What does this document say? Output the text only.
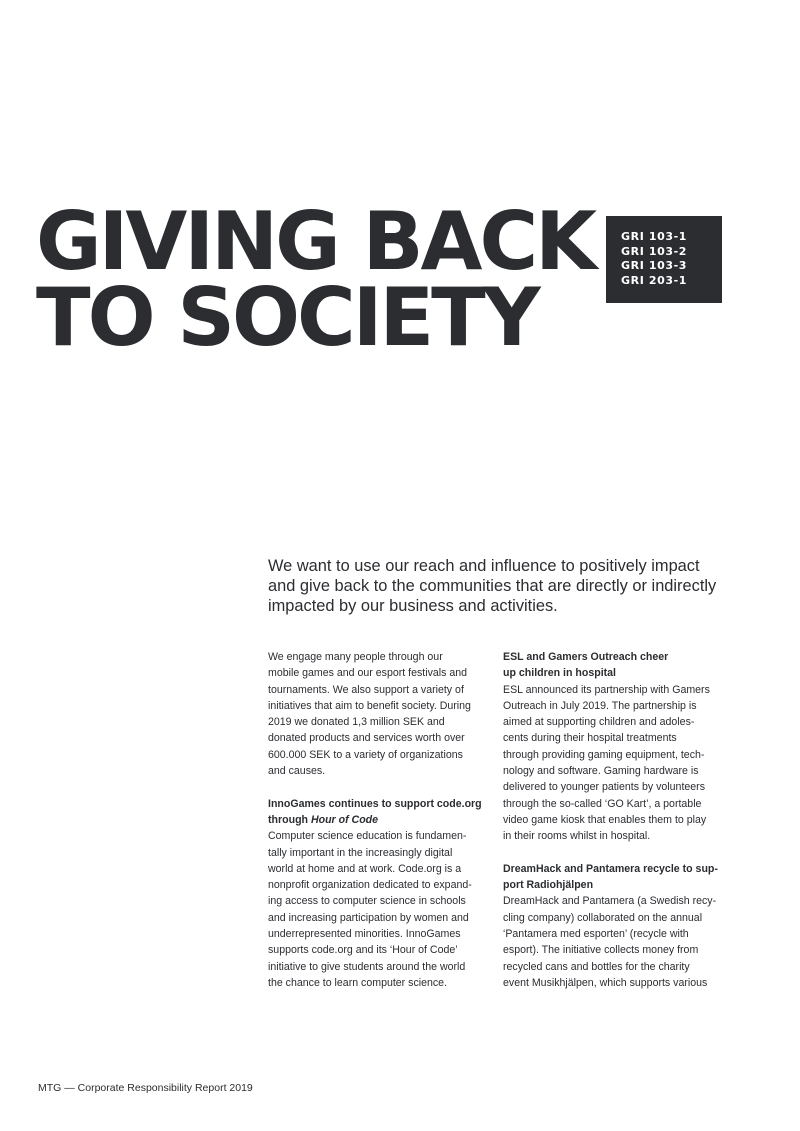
GIVING BACK
TO SOCIETY
GRI 103-1
GRI 103-2
GRI 103-3
GRI 203-1

We want to use our reach and influence to positively impact
and give back to the communities that are directly or indirectly
impacted by our business and activities.

We engage many people through our
mobile games and our esport festivals and
tournaments. We also support a variety of
initiatives that aim to benefit society. During
2019 we donated 1,3 million SEK and
donated products and services worth over
600.000 SEK to a variety of organizations
and causes.

InnoGames continues to support code.org
through Hour of Code

Computer science education is fundamen-
tally important in the increasingly digital
world at home and at work. Code.org is a
nonprofit organization dedicated to expand-
ing access to computer science in schools
and increasing participation by women and
underrepresented minorities. InnoGames
supports code.org and its ‘Hour of Code’
initiative to give students around the world
the chance to learn computer science.

ESL and Gamers Outreach cheer
up children in hospital

ESL announced its partnership with Gamers
Outreach in July 2019. The partnership is
aimed at supporting children and adoles-
cents during their hospital treatments
through providing gaming equipment, tech-
nology and software. Gaming hardware is
delivered to younger patients by volunteers
through the so-called ‘GO Kart’, a portable
video game kiosk that enables them to play
in their rooms whilst in hospital.

DreamHack and Pantamera recycle to sup-
port Radiohjälpen

DreamHack and Pantamera (a Swedish recy-
cling company) collaborated on the annual
‘Pantamera med esporten’ (recycle with
esport). The initiative collects money from
recycled cans and bottles for the charity
event Musikhjälpen, which supports various

MTG — Corporate Responsibility Report 2019
